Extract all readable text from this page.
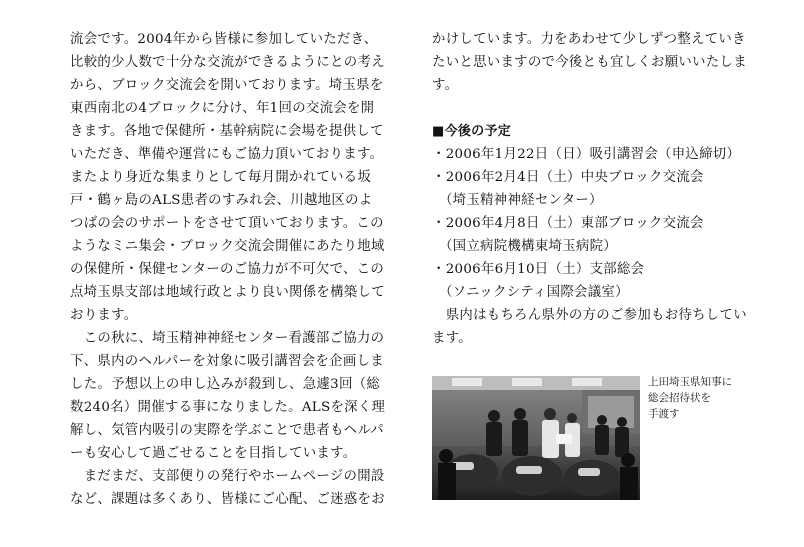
流会です。2004年から皆様に参加していただき、
比較的少人数で十分な交流ができるようにとの考え
から、ブロック交流会を開いております。埼玉県を
東西南北の4ブロックに分け、年1回の交流会を開
きます。各地で保健所・基幹病院に会場を提供して
いただき、準備や運営にもご協力頂いております。
またより身近な集まりとして毎月開かれている坂
戸・鶴ヶ島のALS患者のすみれ会、川越地区のよ
つばの会のサポートをさせて頂いております。この
ようなミニ集会・ブロック交流会開催にあたり地域
の保健所・保健センターのご協力が不可欠で、この
点埼玉県支部は地域行政とより良い関係を構築して
おります。
　この秋に、埼玉精神神経センター看護部ご協力の
下、県内のヘルパーを対象に吸引講習会を企画しま
した。予想以上の申し込みが殺到し、急遽3回（総
数240名）開催する事になりました。ALSを深く理
解し、気管内吸引の実際を学ぶことで患者もヘルパ
ーも安心して過ごせることを目指しています。
　まだまだ、支部便りの発行やホームページの開設
など、課題は多くあり、皆様にご心配、ご迷惑をお
かけしています。力をあわせて少しずつ整えていき
たいと思いますので今後とも宜しくお願いいたしま
す。
■今後の予定
・2006年1月22日（日）吸引講習会（申込締切）
・2006年2月4日（土）中央ブロック交流会
　（埼玉精神神経センター）
・2006年4月8日（土）東部ブロック交流会
　（国立病院機構東埼玉病院）
・2006年6月10日（土）支部総会
　（ソニックシティ国際会議室）
　県内はもちろん県外の方のご参加もお待ちしてい
ます。
上田埼玉県知事に
総会招待状を
手渡す
